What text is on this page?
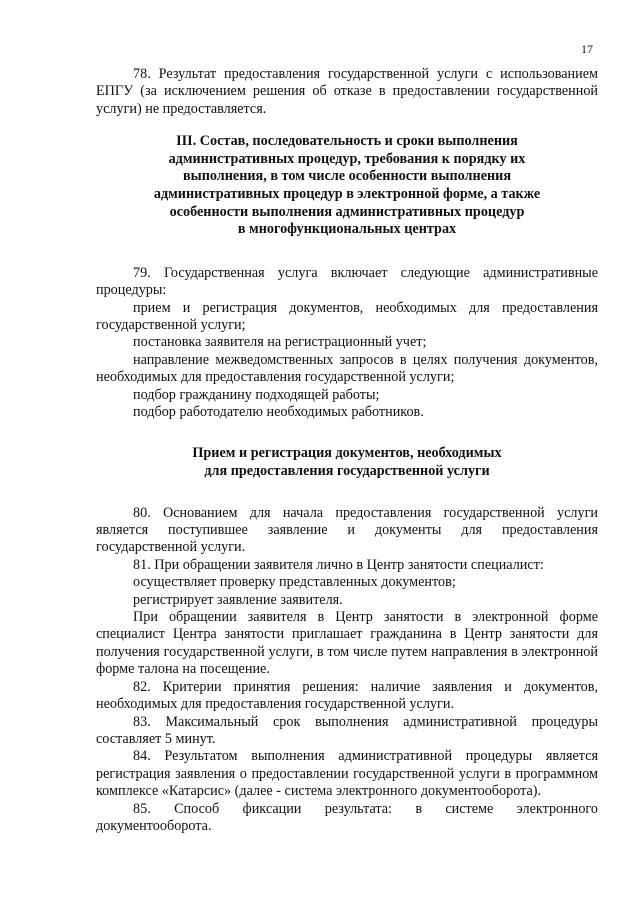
17

78. Результат предоставления государственной услуги с использованием ЕПГУ (за исключением решения об отказе в предоставлении государственной услуги) не предоставляется.

III. Состав, последовательность и сроки выполнения

административных процедур, требования к порядку их

выполнения, в том числе особенности выполнения

административных процедур в электронной форме, а также

особенности выполнения административных процедур

в многофункциональных центрах

79. Государственная услуга включает следующие административные процедуры:

прием и регистрация документов, необходимых для предоставления государственной услуги;

постановка заявителя на регистрационный учет;

направление межведомственных запросов в целях получения документов, необходимых для предоставления государственной услуги;

подбор гражданину подходящей работы;

подбор работодателю необходимых работников.

Прием и регистрация документов, необходимых

для предоставления государственной услуги

80. Основанием для начала предоставления государственной услуги является поступившее заявление и документы для предоставления государственной услуги.

81. При обращении заявителя лично в Центр занятости специалист:

осуществляет проверку представленных документов;

регистрирует заявление заявителя.

При обращении заявителя в Центр занятости в электронной форме специалист Центра занятости приглашает гражданина в Центр занятости для получения государственной услуги, в том числе путем направления в электронной форме талона на посещение.

82. Критерии принятия решения: наличие заявления и документов, необходимых для предоставления государственной услуги.

83. Максимальный срок выполнения административной процедуры составляет 5 минут.

84. Результатом выполнения административной процедуры является регистрация заявления о предоставлении государственной услуги в программном комплексе «Катарсис» (далее - система электронного документооборота).

85. Способ фиксации результата: в системе электронного документооборота.
